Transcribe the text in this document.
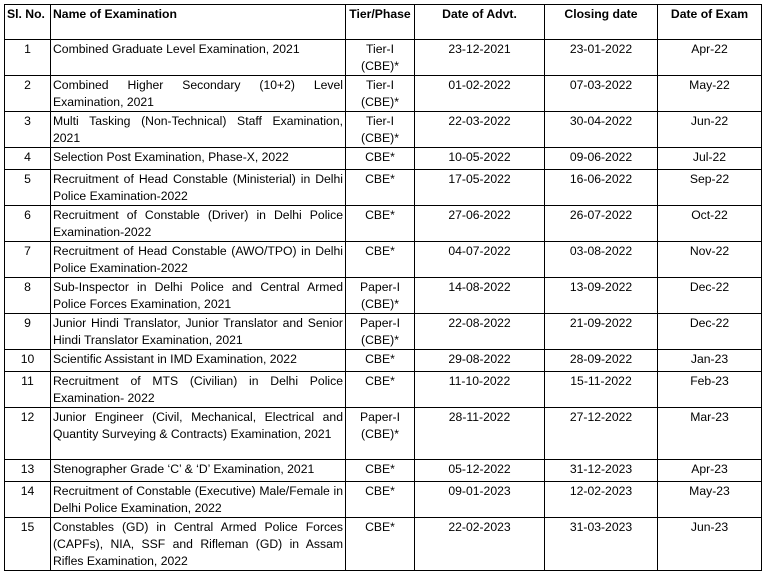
Sl. No.	Name of Examination	Tier/Phase	Date of Advt.	Closing date	Date of Exam
1	Combined Graduate Level Examination, 2021	Tier-I (CBE)*	23-12-2021	23-01-2022	Apr-22
2	Combined Higher Secondary (10+2) Level Examination, 2021	Tier-I (CBE)*	01-02-2022	07-03-2022	May-22
3	Multi Tasking (Non-Technical) Staff Examination, 2021	Tier-I (CBE)*	22-03-2022	30-04-2022	Jun-22
4	Selection Post Examination, Phase-X, 2022	CBE*	10-05-2022	09-06-2022	Jul-22
5	Recruitment of Head Constable (Ministerial) in Delhi Police Examination-2022	CBE*	17-05-2022	16-06-2022	Sep-22
6	Recruitment of Constable (Driver) in Delhi Police Examination-2022	CBE*	27-06-2022	26-07-2022	Oct-22
7	Recruitment of Head Constable (AWO/TPO) in Delhi Police Examination-2022	CBE*	04-07-2022	03-08-2022	Nov-22
8	Sub-Inspector in Delhi Police and Central Armed Police Forces Examination, 2021	Paper-I (CBE)*	14-08-2022	13-09-2022	Dec-22
9	Junior Hindi Translator, Junior Translator and Senior Hindi Translator Examination, 2021	Paper-I (CBE)*	22-08-2022	21-09-2022	Dec-22
10	Scientific Assistant in IMD Examination, 2022	CBE*	29-08-2022	28-09-2022	Jan-23
11	Recruitment of MTS (Civilian) in Delhi Police Examination- 2022	CBE*	11-10-2022	15-11-2022	Feb-23
12	Junior Engineer (Civil, Mechanical, Electrical and Quantity Surveying & Contracts) Examination, 2021	Paper-I (CBE)*	28-11-2022	27-12-2022	Mar-23
13	Stenographer Grade ‘C’ & ‘D’ Examination, 2021	CBE*	05-12-2022	31-12-2023	Apr-23
14	Recruitment of Constable (Executive) Male/Female in Delhi Police Examination, 2022	CBE*	09-01-2023	12-02-2023	May-23
15	Constables (GD) in Central Armed Police Forces (CAPFs), NIA, SSF and Rifleman (GD) in Assam Rifles Examination, 2022	CBE*	22-02-2023	31-03-2023	Jun-23
